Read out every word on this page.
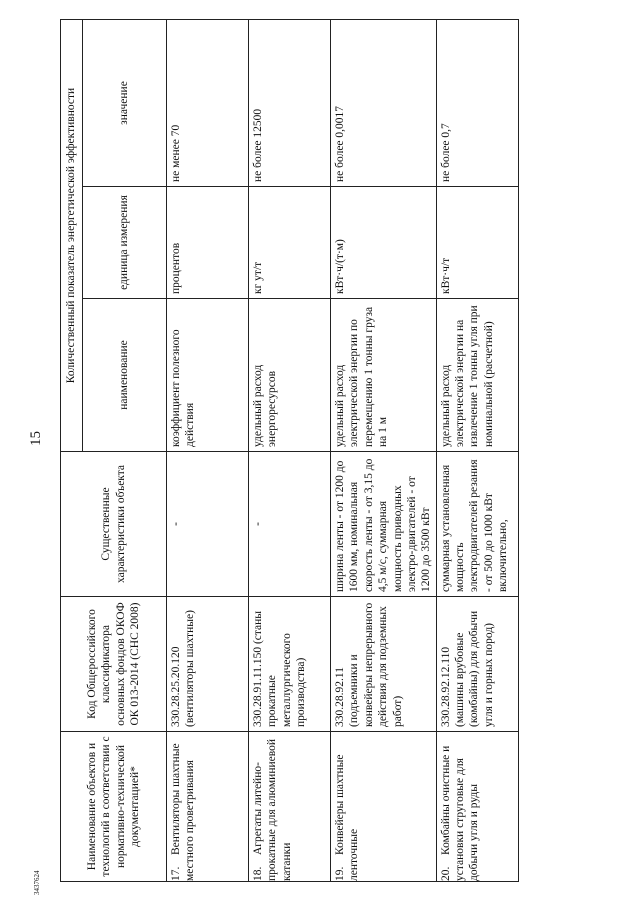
15
3437624
Наименование объектов и технологий в соответствии с нормативно-технической документацией*	Код Общероссийского классификатора основных фондов ОКОФ ОК 013-2014 (СНС 2008)	Существенные характеристики объекта	Количественный показатель энергетической эффективности		
			наименование	единица измерения	значение
17.Вентиляторы шахтные местного проветривания	330.28.25.20.120 (вентиляторы шахтные)	-	коэффициент полезного действия	процентов	не менее 70
18.Агрегаты литейно-прокатные для алюминиевой катанки	330.28.91.11.150 (станы прокатные металлургического производства)	-	удельный расход энергоресурсов	кг ут/т	не более 12500
19.Конвейеры шахтные ленточные	330.28.92.11 (подъемники и конвейеры непрерывного действия для подземных работ)	ширина ленты - от 1200 до 1600 мм, номинальная скорость ленты - от 3,15 до 4,5 м/с, суммарная мощность приводных электро-двигателей - от 1200 до 3500 кВт	удельный расход электрической энергии по перемещению 1 тонны груза на 1 м	кВт·ч/(т·м)	не более 0,0017
20.Комбайны очистные и установки струговые для добычи угля и руды	330.28.92.12.110 (машины врубовые (комбайны) для добычи угля и горных пород)	суммарная установленная мощность электродвигателей резания - от 500 до 1000 кВт включительно,	удельный расход электрической энергии на извлечение 1 тонны угля при номинальной (расчетной)	кВт·ч/т	не более 0,7
